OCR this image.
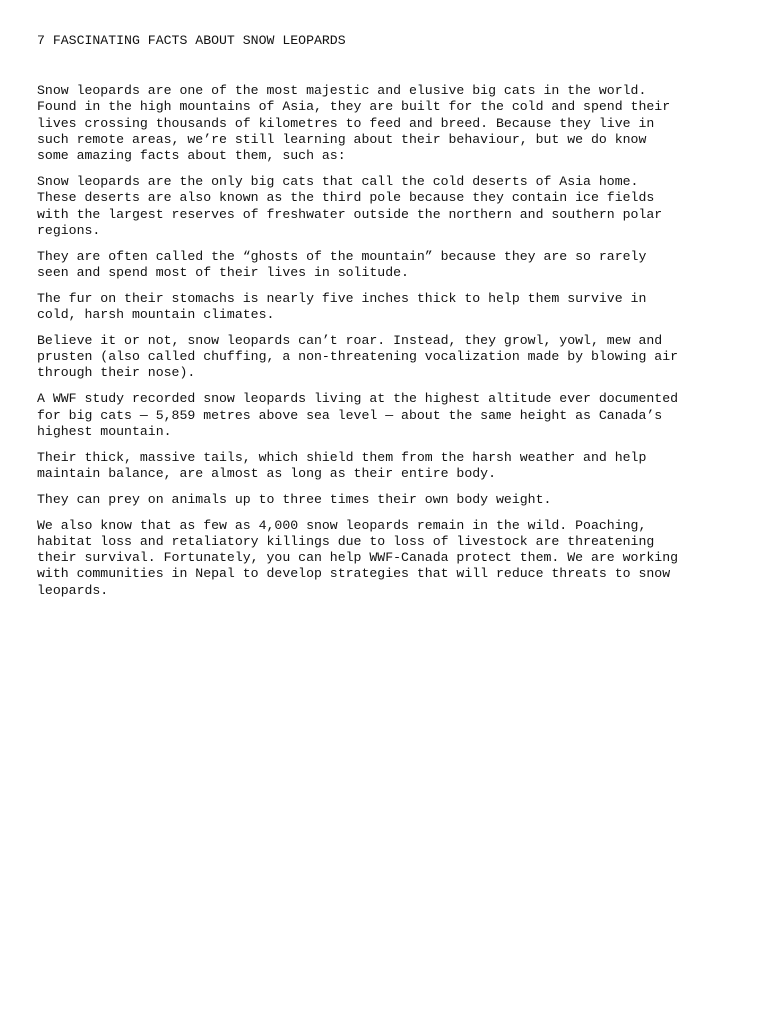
7 FASCINATING FACTS ABOUT SNOW LEOPARDS

Snow leopards are one of the most majestic and elusive big cats in the world.
Found in the high mountains of Asia, they are built for the cold and spend their
lives crossing thousands of kilometres to feed and breed. Because they live in
such remote areas, we’re still learning about their behaviour, but we do know
some amazing facts about them, such as:

Snow leopards are the only big cats that call the cold deserts of Asia home.
These deserts are also known as the third pole because they contain ice fields
with the largest reserves of freshwater outside the northern and southern polar
regions.

They are often called the “ghosts of the mountain” because they are so rarely
seen and spend most of their lives in solitude.

The fur on their stomachs is nearly five inches thick to help them survive in
cold, harsh mountain climates.

Believe it or not, snow leopards can’t roar. Instead, they growl, yowl, mew and
prusten (also called chuffing, a non-threatening vocalization made by blowing air
through their nose).

A WWF study recorded snow leopards living at the highest altitude ever documented
for big cats — 5,859 metres above sea level — about the same height as Canada’s
highest mountain.

Their thick, massive tails, which shield them from the harsh weather and help
maintain balance, are almost as long as their entire body.

They can prey on animals up to three times their own body weight.

We also know that as few as 4,000 snow leopards remain in the wild. Poaching,
habitat loss and retaliatory killings due to loss of livestock are threatening
their survival. Fortunately, you can help WWF-Canada protect them. We are working
with communities in Nepal to develop strategies that will reduce threats to snow
leopards.
